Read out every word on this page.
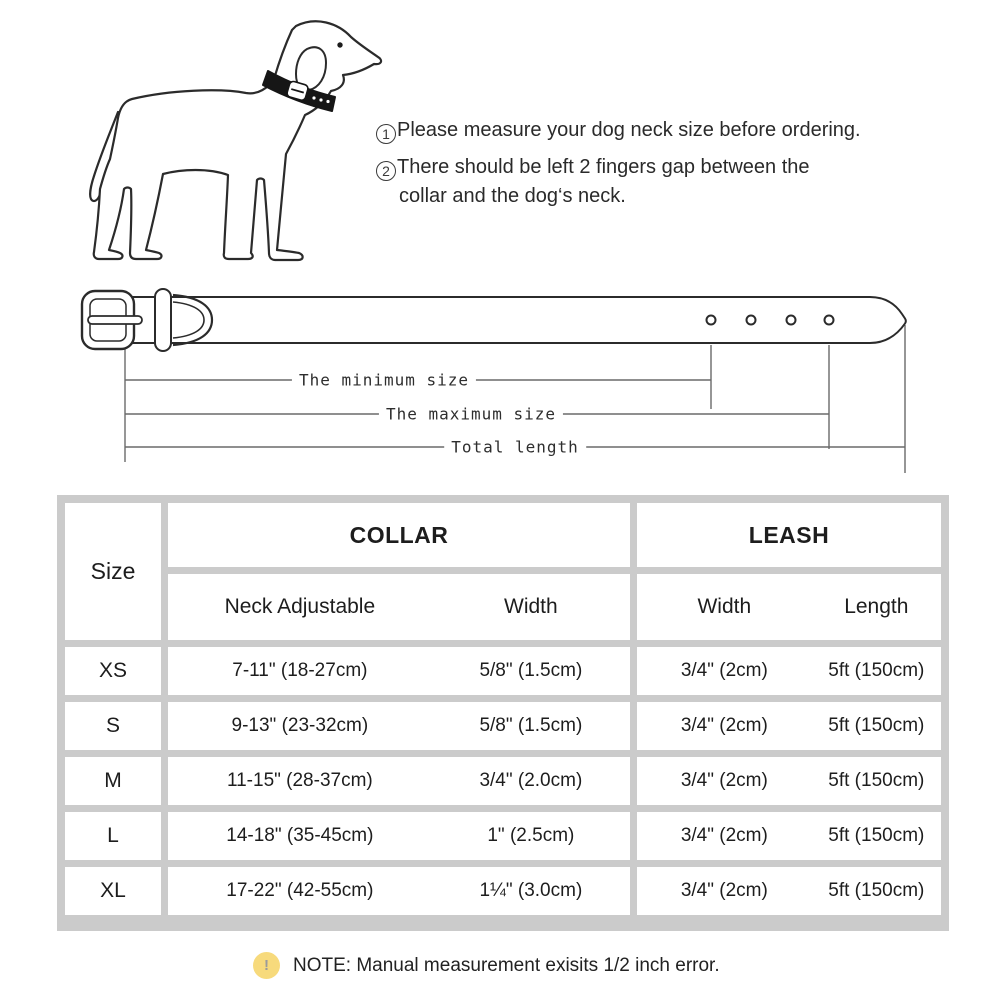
1 Please measure your dog neck size before ordering.
2 There should be left 2 fingers gap between the
collar and the dog‘s neck.
The minimum size
The maximum size
Total length
Size
COLLAR	LEASH
Neck Adjustable	Width	Width	Length
XS	7-11" (18-27cm)	5/8" (1.5cm)	3/4" (2cm)	5ft (150cm)
S	9-13" (23-32cm)	5/8" (1.5cm)	3/4" (2cm)	5ft (150cm)
M	11-15" (28-37cm)	3/4" (2.0cm)	3/4" (2cm)	5ft (150cm)
L	14-18" (35-45cm)	1" (2.5cm)	3/4" (2cm)	5ft (150cm)
XL	17-22" (42-55cm)	1¼" (3.0cm)	3/4" (2cm)	5ft (150cm)
!	NOTE: Manual measurement exisits 1/2 inch error.
